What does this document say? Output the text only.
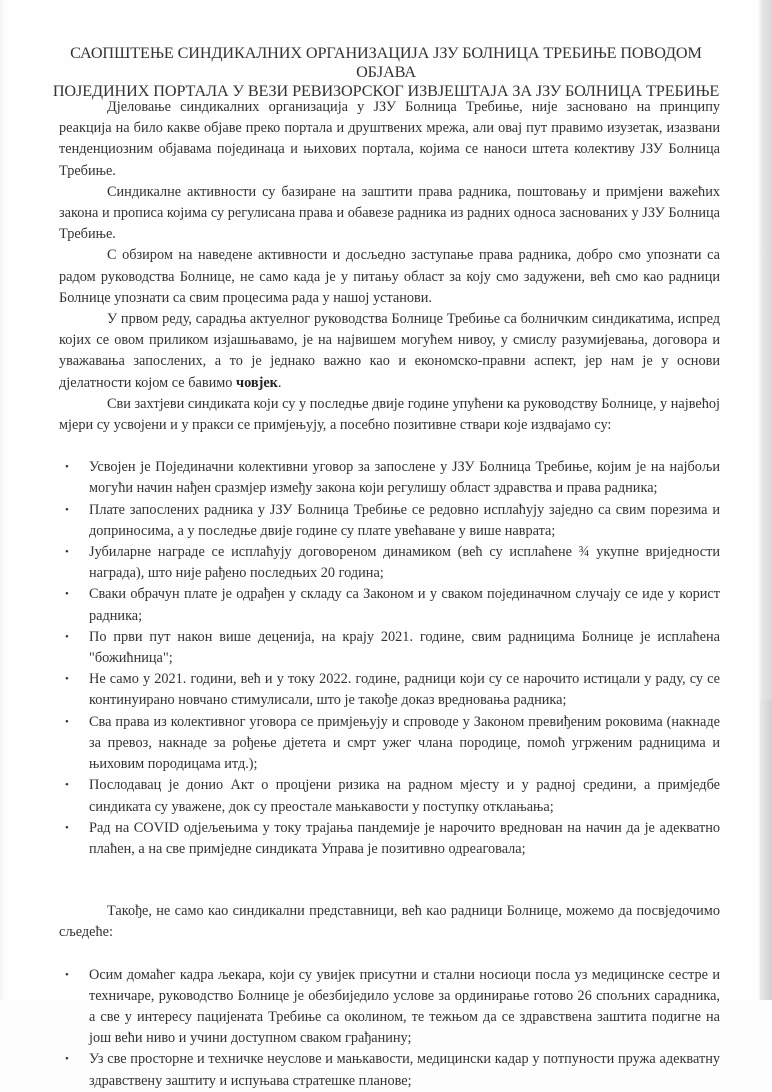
САОПШТЕЊЕ СИНДИКАЛНИХ ОРГАНИЗАЦИЈА ЈЗУ БОЛНИЦА ТРЕБИЊЕ ПОВОДОМ ОБЈАВА
ПОЈЕДИНИХ ПОРТАЛА У ВЕЗИ РЕВИЗОРСКОГ ИЗВЈЕШТАЈА ЗА ЈЗУ БОЛНИЦА ТРЕБИЊЕ

Дјеловање синдикалних организација у ЈЗУ Болница Требиње, није засновано на принципу реакција на било какве објаве преко портала и друштвених мрежа, али овај пут правимо изузетак, изазвани тенденциозним објавама појединаца и њихових портала, којима се наноси штета колективу ЈЗУ Болница Требиње.

Синдикалне активности су базиране на заштити права радника, поштовању и примјени важећих закона и прописа којима су регулисана права и обавезе радника из радних односа заснованих у ЈЗУ Болница Требиње.

С обзиром на наведене активности и досљедно заступање права радника, добро смо упознати са радом руководства Болнице, не само када је у питању област за коју смо задужени, већ смо као радници Болнице упознати са свим процесима рада у нашој установи.

У првом реду, сарадња актуелног руководства Болнице Требиње са болничким синдикатима, испред којих се овом приликом изјашњавамо, је на највишем могућем нивоу, у смислу разумијевања, договора и уважавања запослених, а то је једнако важно као и економско-правни аспект, јер нам је у основи дјелатности којом се бавимо човјек.

Сви захтјеви синдиката који су у последње двије године упућени ка руководству Болнице, у највећој мјери су усвојени и у пракси се примјењују, а посебно позитивне ствари које издвајамо су:

• Усвојен је Појединачни колективни уговор за запослене у ЈЗУ Болница Требиње, којим је на најбољи могући начин нађен сразмјер између закона који регулишу област здравства и права радника;
• Плате запослених радника у ЈЗУ Болница Требиње се редовно исплаћују заједно са свим порезима и доприносима, а у последње двије године су плате увећаване у више наврата;
• Јубиларне награде се исплаћују договореном динамиком (већ су исплаћене ¾ укупне вриједности награда), што није рађено последњих 20 година;
• Сваки обрачун плате је одрађен у складу са Законом и у сваком појединачном случају се иде у корист радника;
• По први пут након више деценија, на крају 2021. године, свим радницима Болнице је исплаћена "божићница";
• Не само у 2021. години, већ и у току 2022. године, радници који су се нарочито истицали у раду, су се континуирано новчано стимулисали, што је такође доказ вредновања радника;
• Сва права из колективног уговора се примјењују и спроводе у Законом превиђеним роковима (накнаде за превоз, накнаде за рођење дјетета и смрт ужег члана породице, помоћ угрженим радницима и њиховим породицама итд.);
• Послодавац је донио Акт о процјени ризика на радном мјесту и у радној средини, а примједбе синдиката су уважене, док су преостале мањкавости у поступку отклањања;
• Рад на COVID одјељењима у току трајања пандемије је нарочито вреднован на начин да је адекватно плаћен, а на све примједне синдиката Управа је позитивно одреаговала;

Такође, не само као синдикални представници, већ као радници Болнице, можемо да посвједочимо сљедеће:

• Осим домаћег кадра љекара, који су увијек присутни и стални носиоци посла уз медицинске сестре и техничаре, руководство Болнице је обезбиједило услове за ординирање готово 26 спољних сарадника, а све у интересу пацијената Требиње са околином, те тежњом да се здравствена заштита подигне на још већи ниво и учини доступном сваком грађанину;
• Уз све просторне и техничке неуслове и мањкавости, медицински кадар у потпуности пружа адекватну здравствену заштиту и испуњава стратешке планове;
